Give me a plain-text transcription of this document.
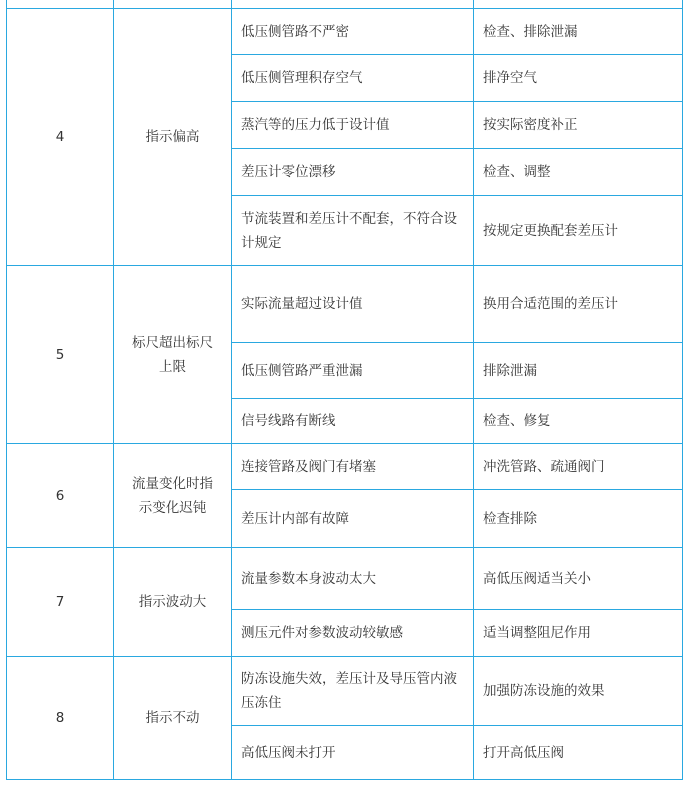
4	指示偏高	低压侧管路不严密	检查、排除泄漏
		低压侧管理积存空气	排净空气
		蒸汽等的压力低于设计值	按实际密度补正
		差压计零位漂移	检查、调整
		节流装置和差压计不配套，不符合设计规定	按规定更换配套差压计
5	标尺超出标尺上限	实际流量超过设计值	换用合适范围的差压计
		低压侧管路严重泄漏	排除泄漏
		信号线路有断线	检查、修复
6	流量变化时指示变化迟钝	连接管路及阀门有堵塞	冲洗管路、疏通阀门
		差压计内部有故障	检查排除
7	指示波动大	流量参数本身波动太大	高低压阀适当关小
		测压元件对参数波动较敏感	适当调整阻尼作用
8	指示不动	防冻设施失效，差压计及导压管内液压冻住	加强防冻设施的效果
		高低压阀未打开	打开高低压阀
